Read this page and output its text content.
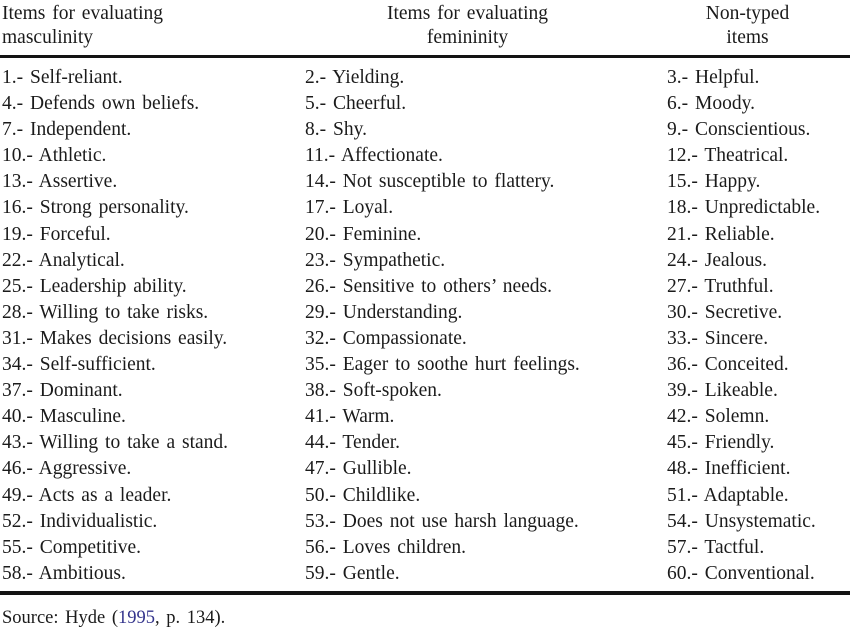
Items for evaluating
masculinity
Items for evaluating
femininity
Non-typed
items
1.- Self-reliant.
4.- Defends own beliefs.
7.- Independent.
10.- Athletic.
13.- Assertive.
16.- Strong personality.
19.- Forceful.
22.- Analytical.
25.- Leadership ability.
28.- Willing to take risks.
31.- Makes decisions easily.
34.- Self-sufficient.
37.- Dominant.
40.- Masculine.
43.- Willing to take a stand.
46.- Aggressive.
49.- Acts as a leader.
52.- Individualistic.
55.- Competitive.
58.- Ambitious.
2.- Yielding.
5.- Cheerful.
8.- Shy.
11.- Affectionate.
14.- Not susceptible to flattery.
17.- Loyal.
20.- Feminine.
23.- Sympathetic.
26.- Sensitive to others’ needs.
29.- Understanding.
32.- Compassionate.
35.- Eager to soothe hurt feelings.
38.- Soft-spoken.
41.- Warm.
44.- Tender.
47.- Gullible.
50.- Childlike.
53.- Does not use harsh language.
56.- Loves children.
59.- Gentle.
3.- Helpful.
6.- Moody.
9.- Conscientious.
12.- Theatrical.
15.- Happy.
18.- Unpredictable.
21.- Reliable.
24.- Jealous.
27.- Truthful.
30.- Secretive.
33.- Sincere.
36.- Conceited.
39.- Likeable.
42.- Solemn.
45.- Friendly.
48.- Inefficient.
51.- Adaptable.
54.- Unsystematic.
57.- Tactful.
60.- Conventional.
Source: Hyde (1995, p. 134).
